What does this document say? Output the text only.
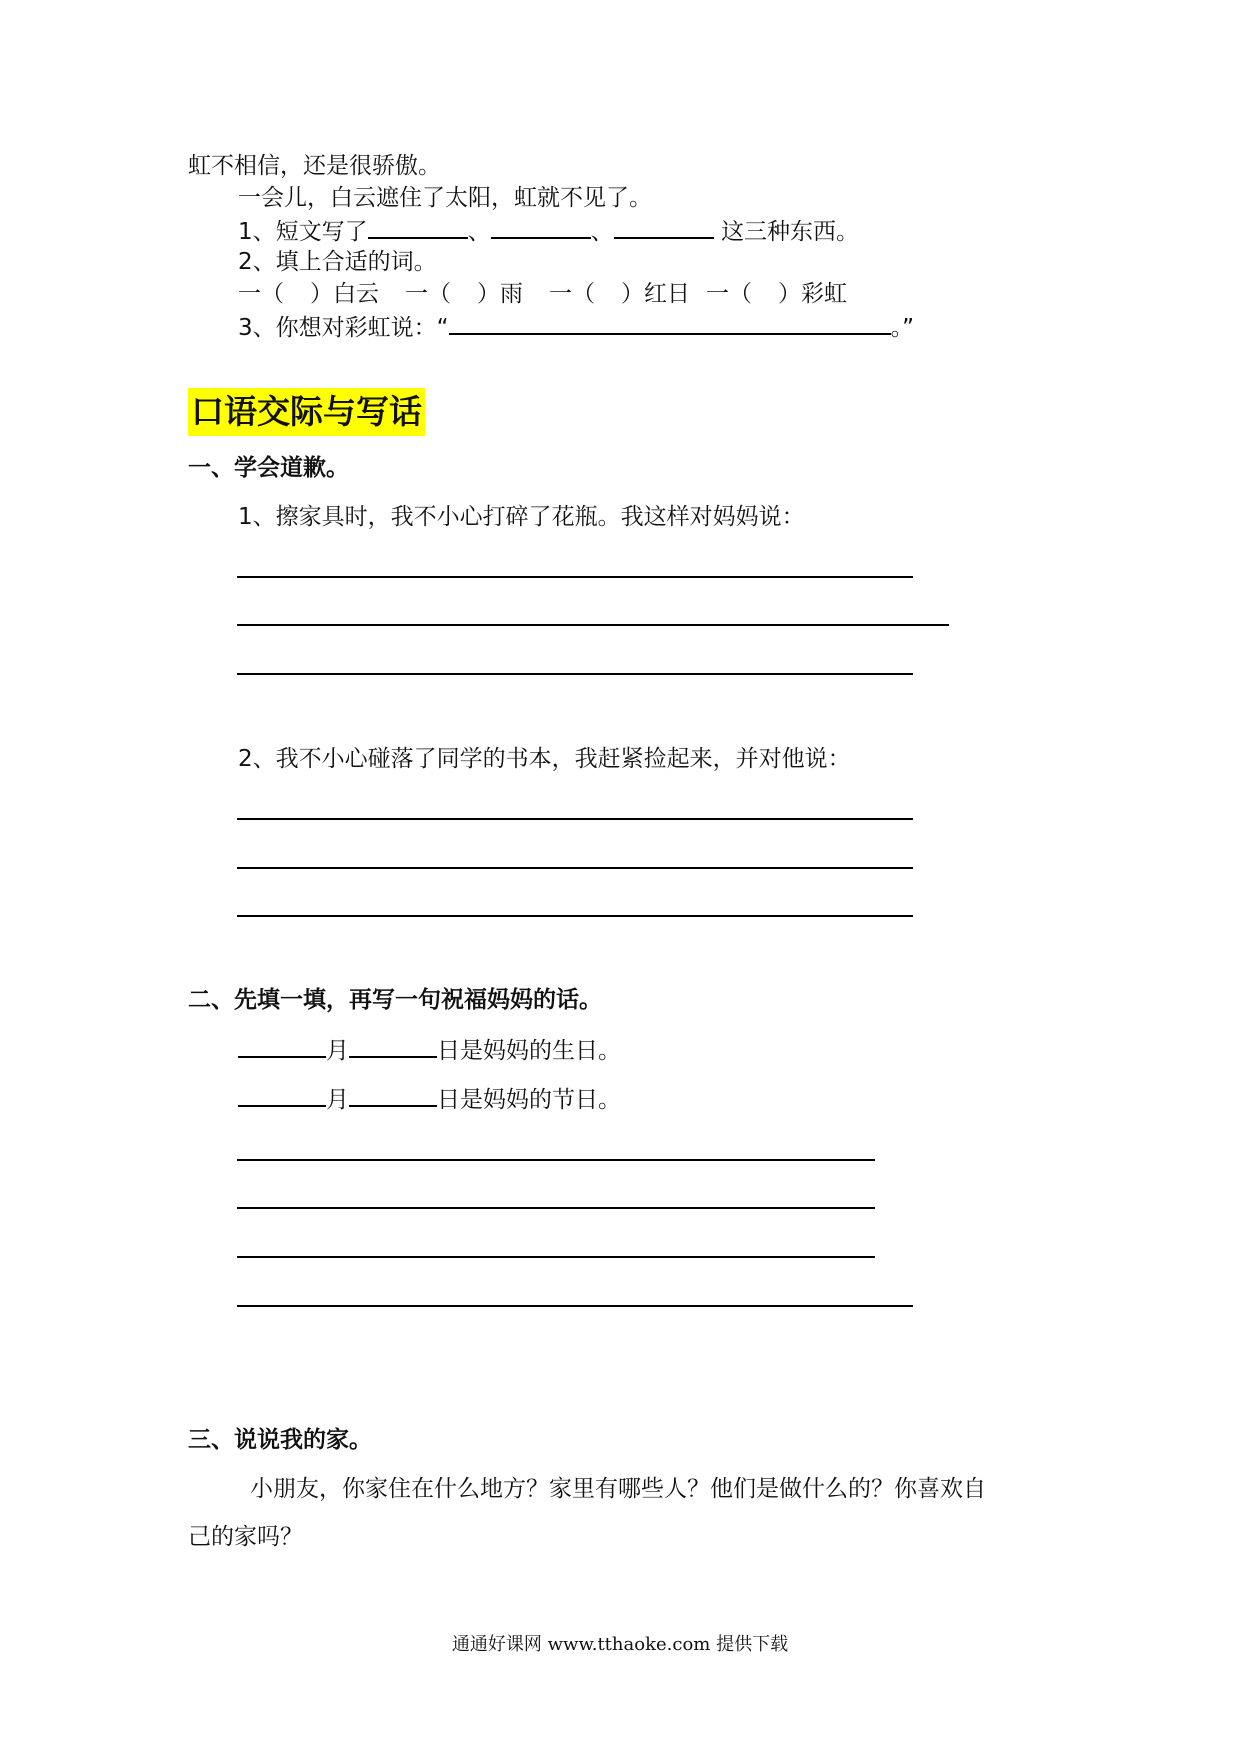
虹不相信，还是很骄傲。
一会儿，白云遮住了太阳，虹就不见了。
1、短文写了	、	、	这三种东西。
2、填上合适的词。
一（ ）白云 一（ ）雨 一（ ）红日 一（ ）彩虹
3、你想对彩虹说：“	。”
口语交际与写话
一、学会道歉。
1、擦家具时，我不小心打碎了花瓶。我这样对妈妈说：
2、我不小心碰落了同学的书本，我赶紧捡起来，并对他说：
二、先填一填，再写一句祝福妈妈的话。
月	日是妈妈的生日。
月	日是妈妈的节日。
三、说说我的家。
小朋友，你家住在什么地方？家里有哪些人？他们是做什么的？你喜欢自
己的家吗？
通通好课网 www.tthaoke.com 提供下载
